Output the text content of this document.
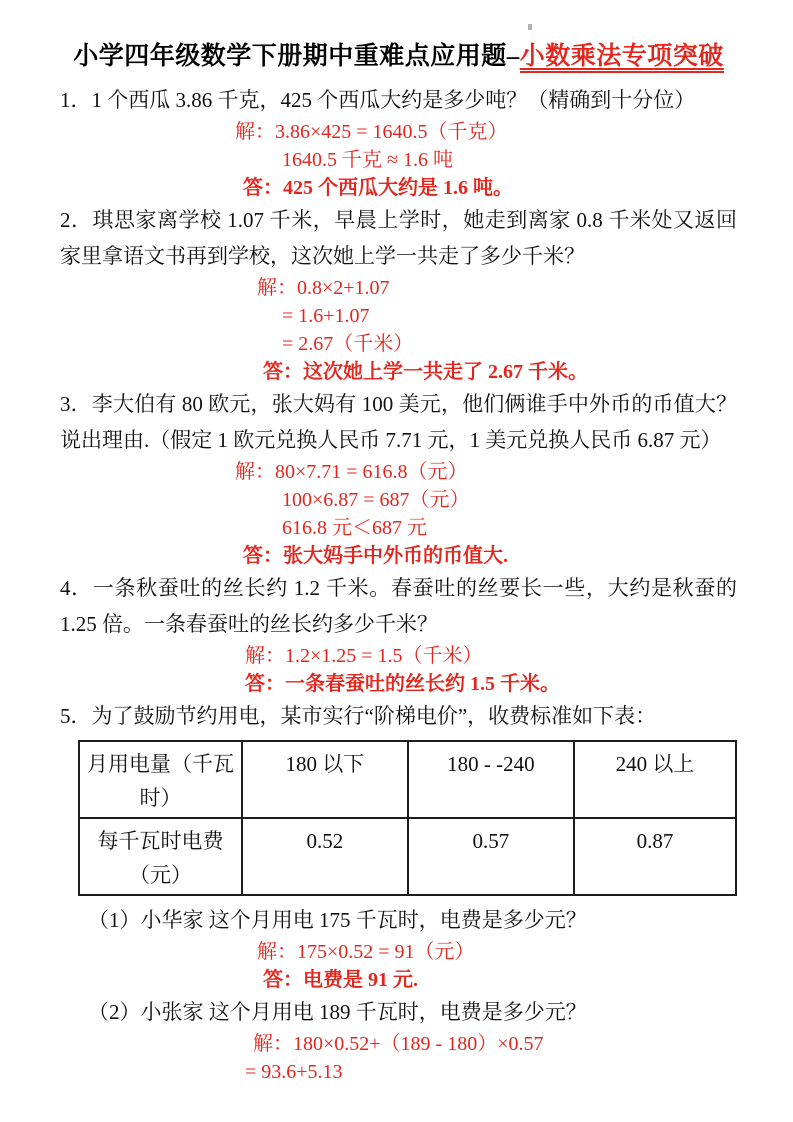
小学四年级数学下册期中重难点应用题–小数乘法专项突破

1．1 个西瓜 3.86 千克，425 个西瓜大约是多少吨？（精确到十分位）

解：3.86×425 = 1640.5（千克）
1640.5 千克 ≈ 1.6 吨
答：425 个西瓜大约是 1.6 吨。

2．琪思家离学校 1.07 千米，早晨上学时，她走到离家 0.8 千米处又返回家里拿语文书再到学校，这次她上学一共走了多少千米？

解：0.8×2+1.07
= 1.6+1.07
= 2.67（千米）
答：这次她上学一共走了 2.67 千米。

3．李大伯有 80 欧元，张大妈有 100 美元，他们俩谁手中外币的币值大？说出理由.（假定 1 欧元兑换人民币 7.71 元，1 美元兑换人民币 6.87 元）

解：80×7.71 = 616.8（元）
100×6.87 = 687（元）
616.8 元＜687 元
答：张大妈手中外币的币值大.

4．一条秋蚕吐的丝长约 1.2 千米。春蚕吐的丝要长一些，大约是秋蚕的 1.25 倍。一条春蚕吐的丝长约多少千米？

解：1.2×1.25 = 1.5（千米）
答：一条春蚕吐的丝长约 1.5 千米。

5．为了鼓励节约用电，某市实行“阶梯电价”，收费标准如下表：

月用电量（千瓦
时）	180 以下	180 - -240	240 以上

每千瓦时电费
（元）	0.52	0.57	0.87

（1）小华家 这个月用电 175 千瓦时，电费是多少元？

解：175×0.52 = 91（元）
答：电费是 91 元.

（2）小张家 这个月用电 189 千瓦时，电费是多少元？

解：180×0.52+（189 - 180）×0.57
= 93.6+5.13
